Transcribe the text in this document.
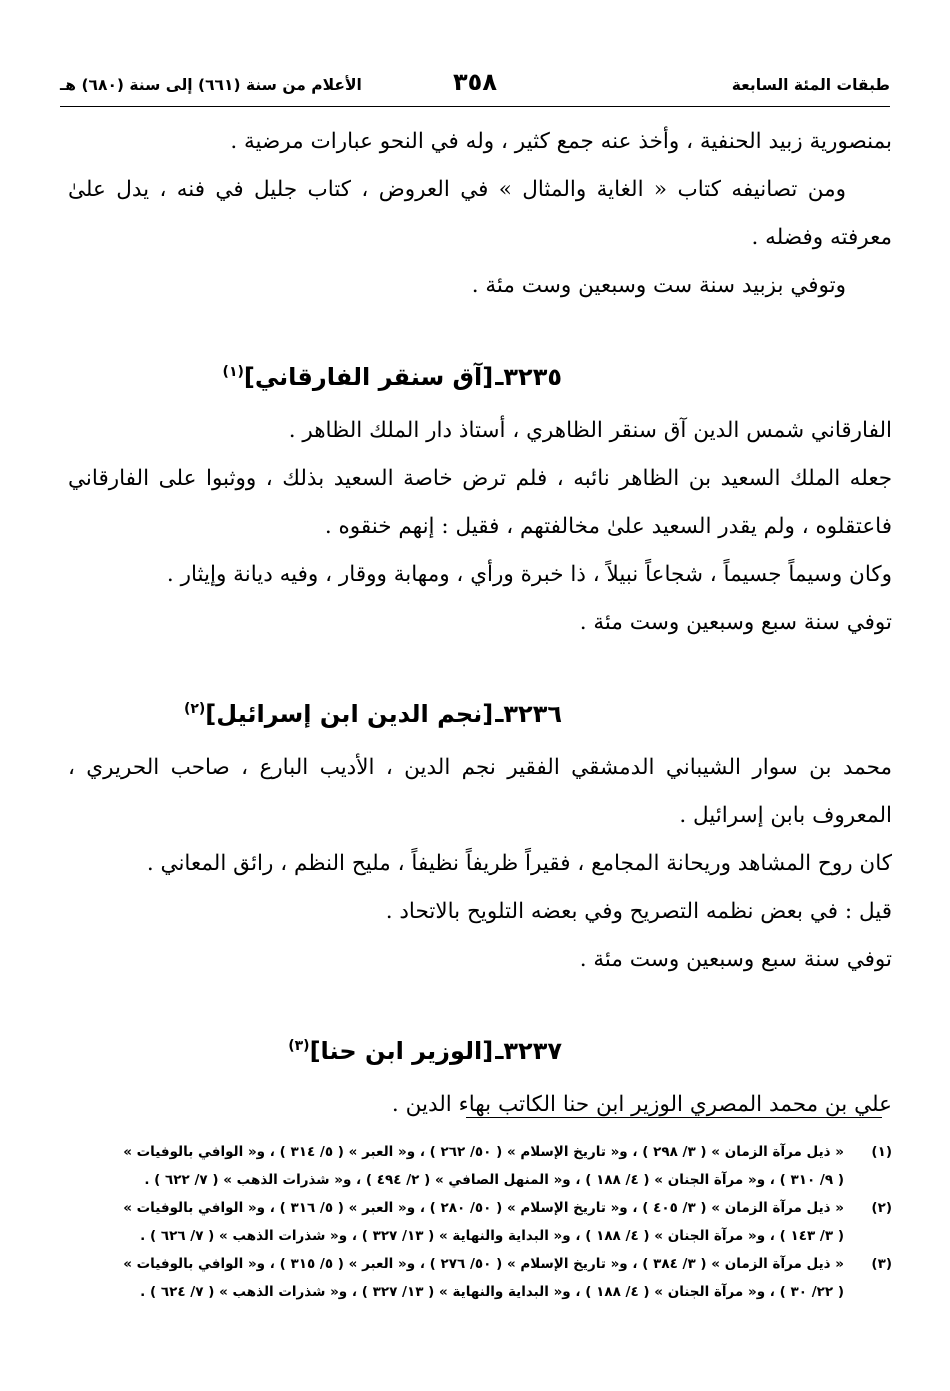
طبقات المئة السابعة
٣٥٨
الأعلام من سنة (٦٦١) إلى سنة (٦٨٠) هـ

بمنصورية زبيد الحنفية ، وأخذ عنه جمع كثير ، وله في النحو عبارات مرضية .

ومن تصانيفه كتاب « الغاية والمثال » في العروض ، كتاب جليل في فنه ، يدل علىٰ معرفته وفضله .

وتوفي بزبيد سنة ست وسبعين وست مئة .

٣٢٣٥ـ[آق سنقر الفارقاني]$^{(١)}$

الفارقاني شمس الدين آق سنقر الظاهري ، أستاذ دار الملك الظاهر .

جعله الملك السعيد بن الظاهر نائبه ، فلم ترض خاصة السعيد بذلك ، ووثبوا على الفارقاني فاعتقلوه ، ولم يقدر السعيد علىٰ مخالفتهم ، فقيل : إنهم خنقوه .

وكان وسيماً جسيماً ، شجاعاً نبيلاً ، ذا خبرة ورأي ، ومهابة ووقار ، وفيه ديانة وإيثار .

توفي سنة سبع وسبعين وست مئة .

٣٢٣٦ـ[نجم الدين ابن إسرائيل]$^{(٢)}$

محمد بن سوار الشيباني الدمشقي الفقير نجم الدين ، الأديب البارع ، صاحب الحريري ، المعروف بابن إسرائيل .

كان روح المشاهد وريحانة المجامع ، فقيراً ظريفاً نظيفاً ، مليح النظم ، رائق المعاني .

قيل : في بعض نظمه التصريح وفي بعضه التلويح بالاتحاد .

توفي سنة سبع وسبعين وست مئة .

٣٢٣٧ـ[الوزير ابن حنا]$^{(٣)}$

علي بن محمد المصري الوزير ابن حنا الكاتب بهاء الدين .

(١)
« ذيل مرآة الزمان » ( ٣/ ٢٩٨ ) ، و« تاريخ الإسلام » ( ٥٠/ ٢٦٢ ) ، و« العبر » ( ٥/ ٣١٤ ) ، و« الوافي بالوفيات »
( ٩/ ٣١٠ ) ، و« مرآة الجنان » ( ٤/ ١٨٨ ) ، و« المنهل الصافي » ( ٢/ ٤٩٤ ) ، و« شذرات الذهب » ( ٧/ ٦٢٢ ) .
(٢)
« ذيل مرآة الزمان » ( ٣/ ٤٠٥ ) ، و« تاريخ الإسلام » ( ٥٠/ ٢٨٠ ) ، و« العبر » ( ٥/ ٣١٦ ) ، و« الوافي بالوفيات »
( ٣/ ١٤٣ ) ، و« مرآة الجنان » ( ٤/ ١٨٨ ) ، و« البداية والنهاية » ( ١٣/ ٣٢٧ ) ، و« شذرات الذهب » ( ٧/ ٦٢٦ ) .
(٣)
« ذيل مرآة الزمان » ( ٣/ ٣٨٤ ) ، و« تاريخ الإسلام » ( ٥٠/ ٢٧٦ ) ، و« العبر » ( ٥/ ٣١٥ ) ، و« الوافي بالوفيات »
( ٢٢/ ٣٠ ) ، و« مرآة الجنان » ( ٤/ ١٨٨ ) ، و« البداية والنهاية » ( ١٣/ ٣٢٧ ) ، و« شذرات الذهب » ( ٧/ ٦٢٤ ) .
